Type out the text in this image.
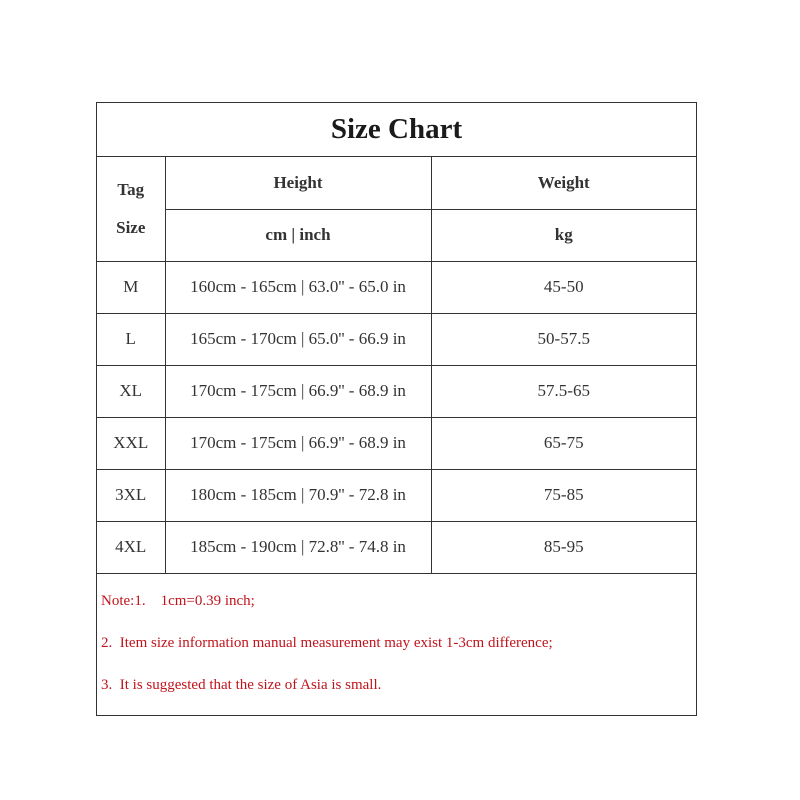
Size Chart
Tag
Size	Height	Weight
	cm | inch	kg
M	160cm - 165cm | 63.0'' - 65.0 in	45-50
L	165cm - 170cm | 65.0'' - 66.9 in	50-57.5
XL	170cm - 175cm | 66.9'' - 68.9 in	57.5-65
XXL	170cm - 175cm | 66.9'' - 68.9 in	65-75
3XL	180cm - 185cm | 70.9'' - 72.8 in	75-85
4XL	185cm - 190cm | 72.8'' - 74.8 in	85-95
Note:1.    1cm=0.39 inch;
2.  Item size information manual measurement may exist 1-3cm difference;
3.  It is suggested that the size of Asia is small.
